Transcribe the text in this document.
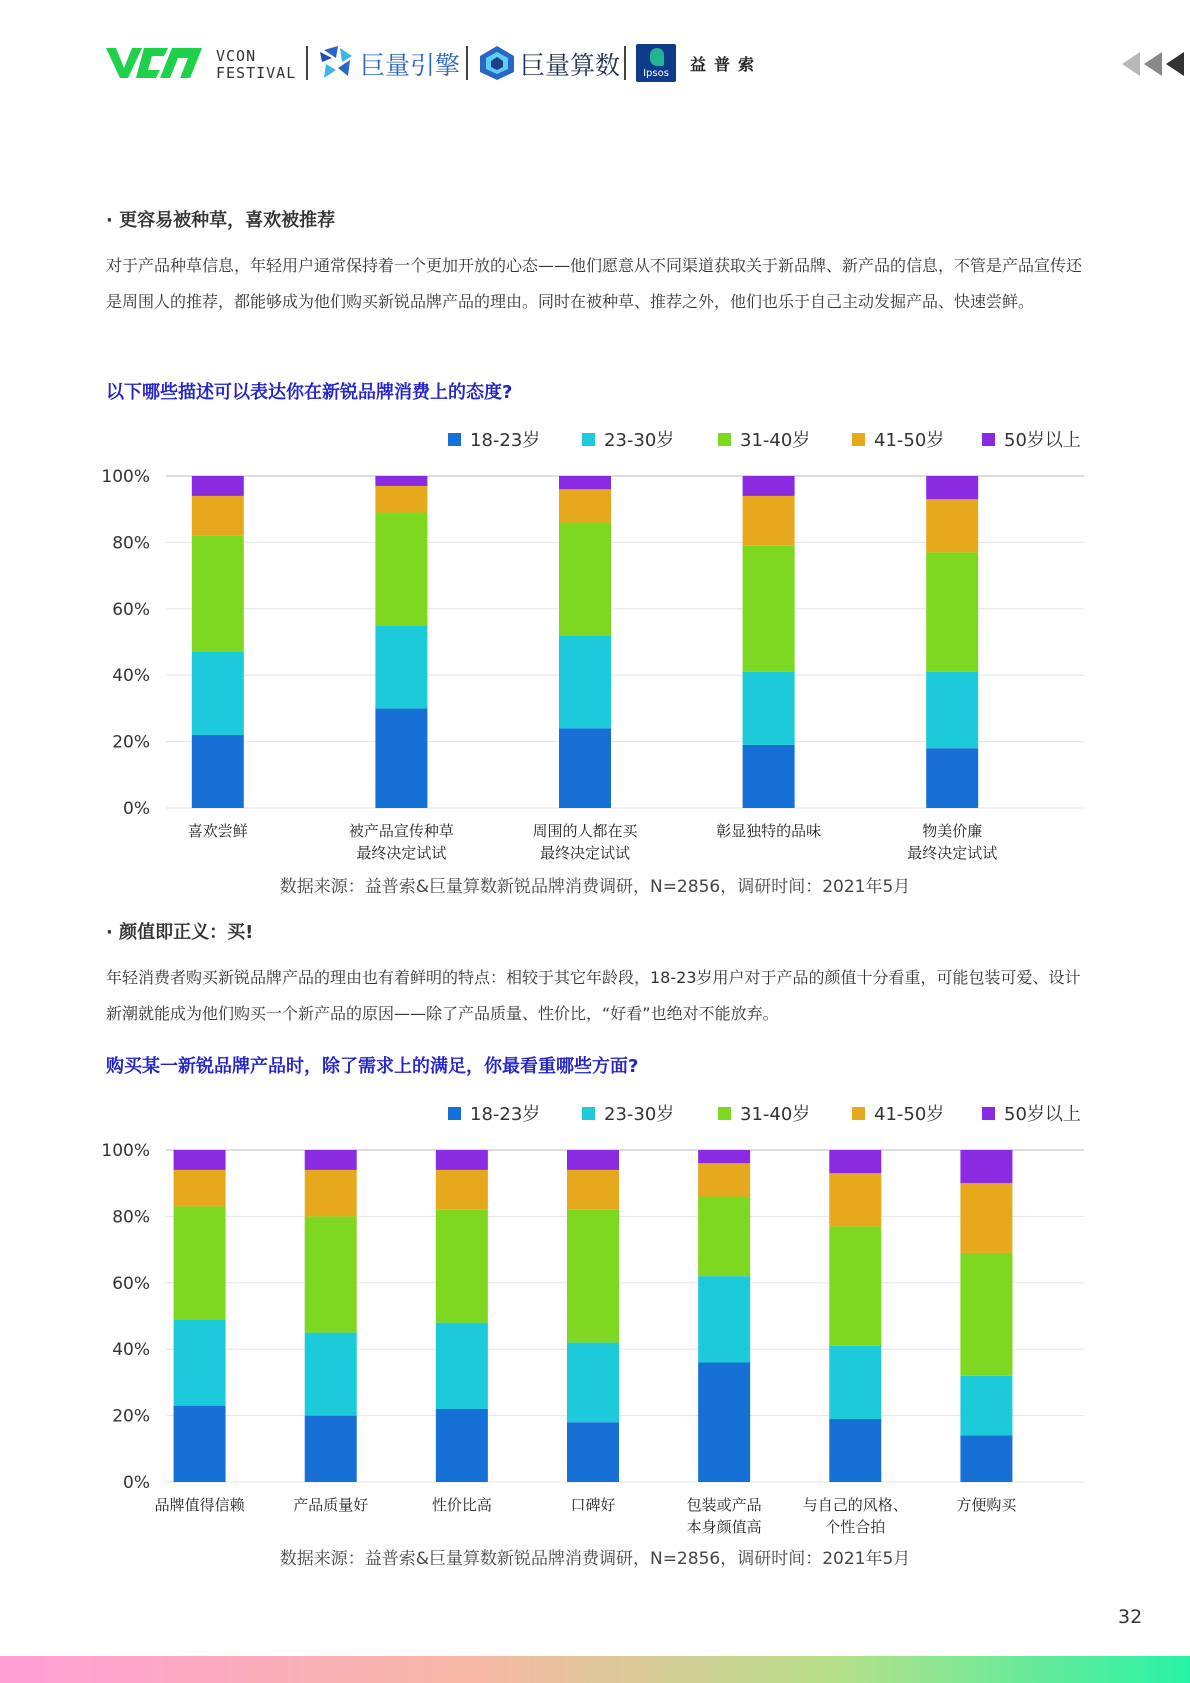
VCON
FESTIVAL	巨量引擎 巨量算数	Ipsos	益普索
· 更容易被种草，喜欢被推荐
对于产品种草信息，年轻用户通常保持着一个更加开放的心态——他们愿意从不同渠道获取关于新品牌、新产品的信息，不管是产品宣传还是周围人的推荐，都能够成为他们购买新锐品牌产品的理由。同时在被种草、推荐之外，他们也乐于自己主动发掘产品、快速尝鲜。
以下哪些描述可以表达你在新锐品牌消费上的态度?
18-23岁	23-30岁	31-40岁	41-50岁	50岁以上
0%
20%
40%
60%
80%
100%
喜欢尝鲜	被产品宣传种草
最终决定试试
周围的人都在买
最终决定试试
彰显独特的品味	物美价廉
最终决定试试
数据来源：益普索&巨量算数新锐品牌消费调研，N=2856，调研时间：2021年5月
· 颜值即正义：买!
年轻消费者购买新锐品牌产品的理由也有着鲜明的特点：相较于其它年龄段，18-23岁用户对于产品的颜值十分看重，可能包装可爱、设计新潮就能成为他们购买一个新产品的原因——除了产品质量、性价比，“好看”也绝对不能放弃。
购买某一新锐品牌产品时，除了需求上的满足，你最看重哪些方面?
18-23岁	23-30岁	31-40岁	41-50岁	50岁以上
0%
20%
40%
60%
80%
100%
品牌值得信赖	产品质量好	性价比高	口碑好	包装或产品
本身颜值高
与自己的风格、
个性合拍
方便购买
数据来源：益普索&巨量算数新锐品牌消费调研，N=2856，调研时间：2021年5月
32
